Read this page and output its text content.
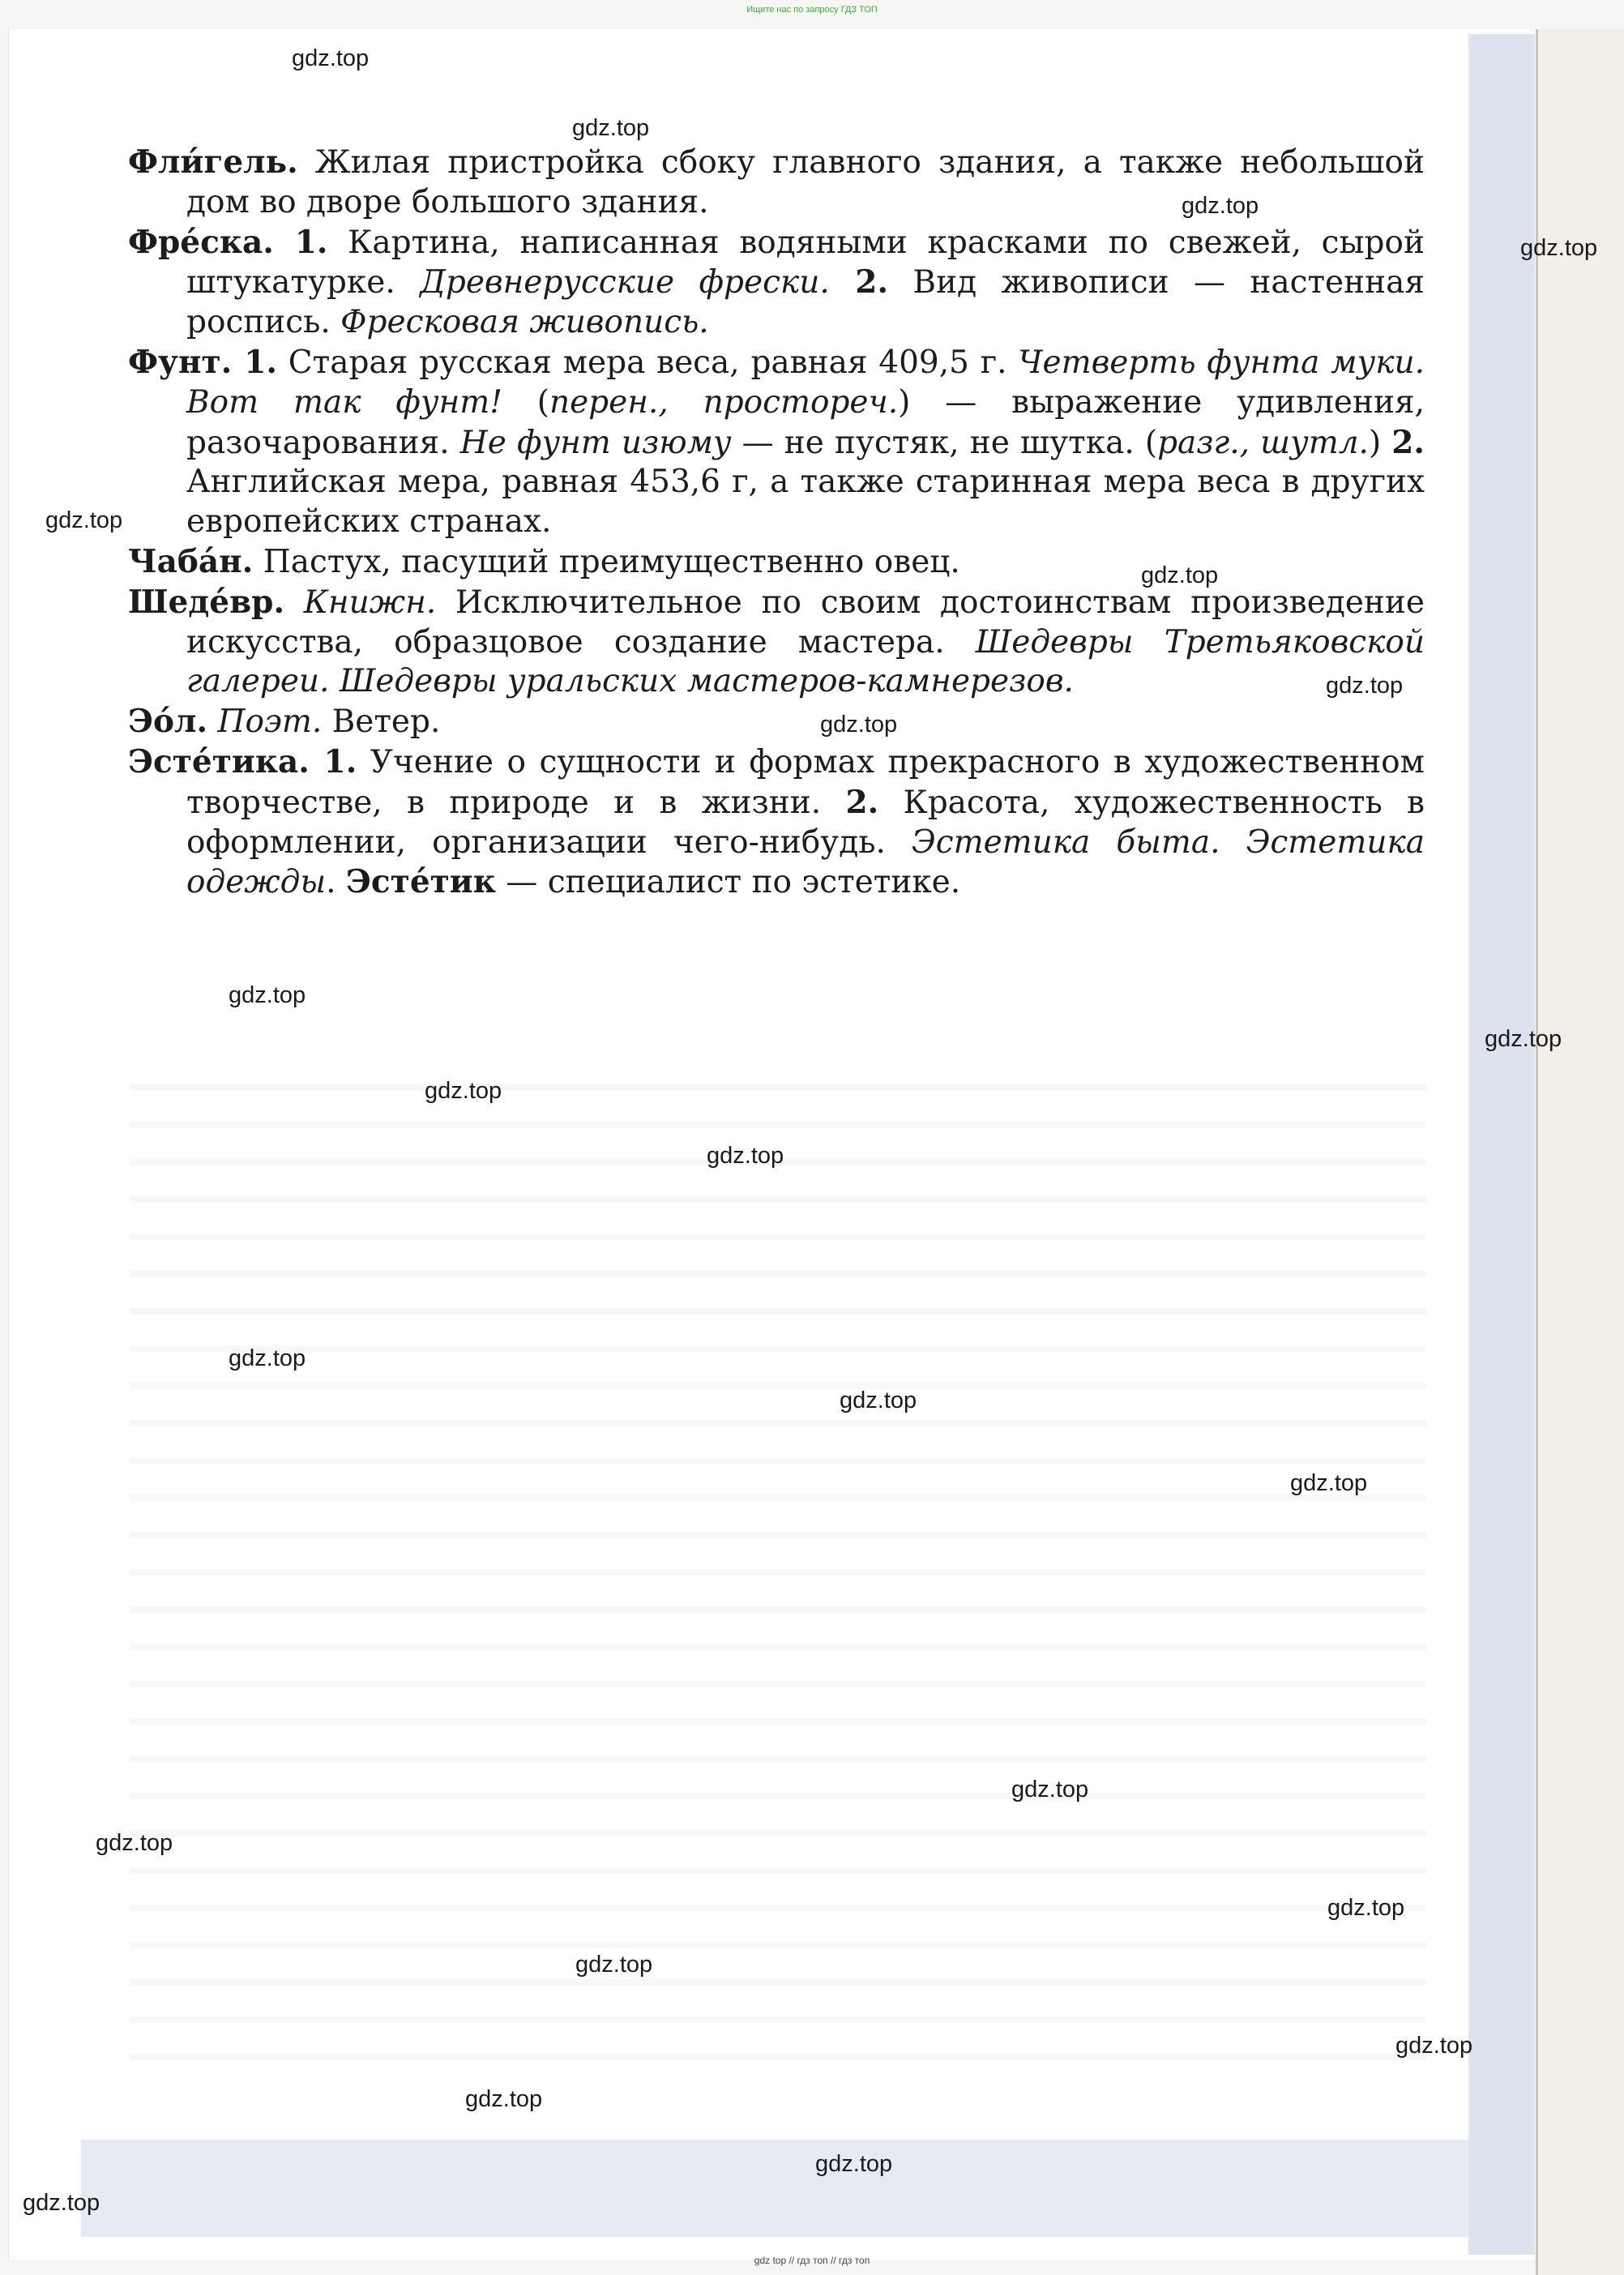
Ищите нас по запросу ГДЗ ТОП

Фли́гель. Жилая пристройка сбоку главного здания, а также небольшой дом во дворе большого здания.

Фре́ска. 1. Картина, написанная водяными красками по свежей, сырой штукатурке. Древнерусские фрески. 2. Вид живописи — настенная роспись. Фресковая живопись.

Фунт. 1. Старая русская мера веса, равная 409,5 г. Четверть фунта муки. Вот так фунт! (перен., простореч.) — выражение удивления, разочарования. Не фунт изюму — не пустяк, не шутка. (разг., шутл.) 2. Английская мера, равная 453,6 г, а также старинная мера веса в других европейских странах.

Чаба́н. Пастух, пасущий преимущественно овец.

Шеде́вр. Книжн. Исключительное по своим достоинствам произведение искусства, образцовое создание мастера. Шедевры Третьяковской галереи. Шедевры уральских мастеров-камнерезов.

Эо́л. Поэт. Ветер.

Эсте́тика. 1. Учение о сущности и формах прекрасного в художественном творчестве, в природе и в жизни. 2. Красота, художественность в оформлении, организации чего-нибудь. Эстетика быта. Эстетика одежды. Эсте́тик — специалист по эстетике.

gdz.top
gdz.top
gdz.top
gdz.top
gdz.top
gdz.top
gdz.top
gdz.top
gdz.top
gdz.top
gdz.top
gdz.top
gdz.top
gdz.top
gdz.top
gdz.top
gdz.top
gdz.top
gdz.top
gdz.top
gdz.top
gdz.top
gdz.top
gdz top // гдз топ // гдз топ
